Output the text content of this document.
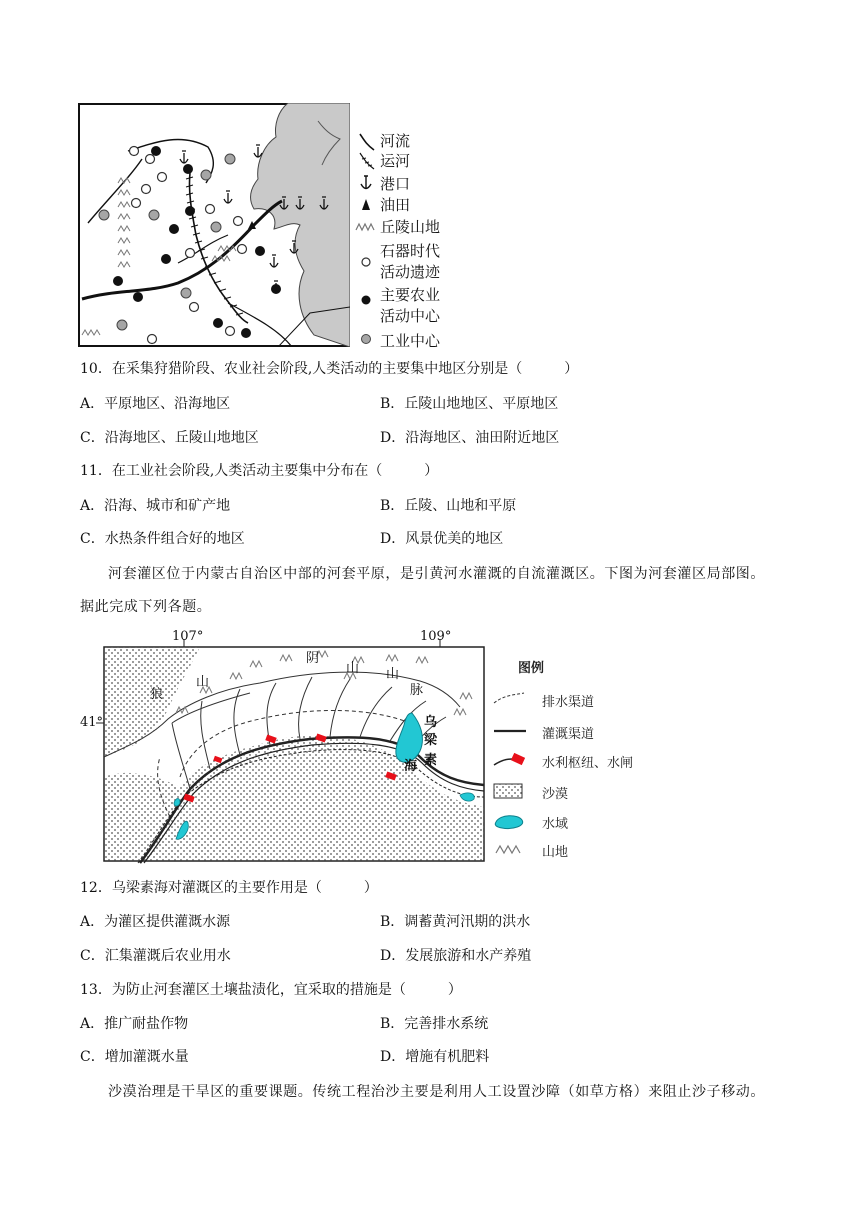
河流
运河
港口
油田
丘陵山地
石器时代
活动遗迹
主要农业
活动中心
工业中心
10．在采集狩猎阶段、农业社会阶段,人类活动的主要集中地区分别是（　　　）
A．平原地区、沿海地区	B．丘陵山地地区、平原地区
C．沿海地区、丘陵山地地区	D．沿海地区、油田附近地区
11．在工业社会阶段,人类活动主要集中分布在（　　　）
A．沿海、城市和矿产地	B．丘陵、山地和平原
C．水热条件组合好的地区	D．风景优美的地区
河套灌区位于内蒙古自治区中部的河套平原，是引黄河水灌溉的自流灌溉区。下图为河套灌区局部图。
据此完成下列各题。
107°	109°
41°
阴
山 山
脉
狼
山
乌
梁
素
海
图例
排水渠道
灌溉渠道
水利枢纽、水闸
沙漠
水域
山地
12．乌梁素海对灌溉区的主要作用是（　　　）
A．为灌区提供灌溉水源	B．调蓄黄河汛期的洪水
C．汇集灌溉后农业用水	D．发展旅游和水产养殖
13．为防止河套灌区土壤盐渍化，宜采取的措施是（　　　）
A．推广耐盐作物	B．完善排水系统
C．增加灌溉水量	D．增施有机肥料
沙漠治理是干旱区的重要课题。传统工程治沙主要是利用人工设置沙障（如草方格）来阻止沙子移动。
